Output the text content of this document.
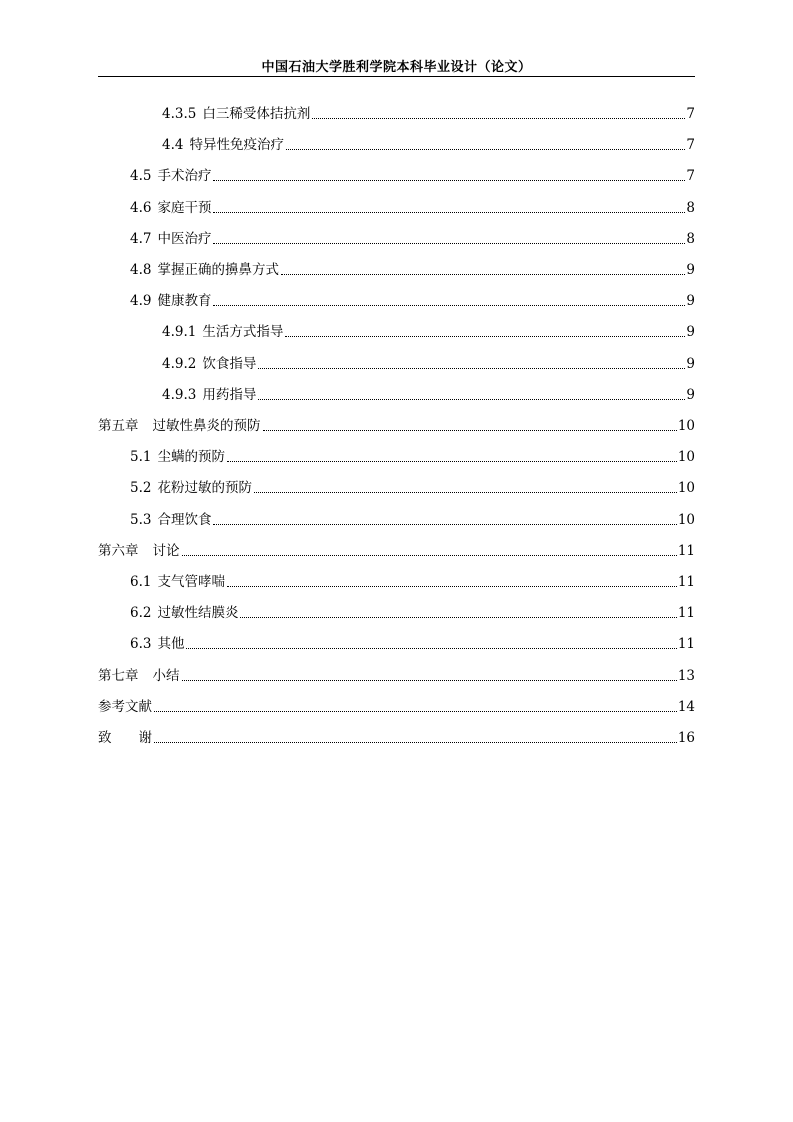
中国石油大学胜利学院本科毕业设计（论文）
4.3.5 白三稀受体拮抗剂	7
4.4 特异性免疫治疗	7
4.5 手术治疗	7
4.6 家庭干预	8
4.7 中医治疗	8
4.8 掌握正确的擤鼻方式	9
4.9 健康教育	9
4.9.1 生活方式指导	9
4.9.2 饮食指导	9
4.9.3 用药指导	9
第五章 过敏性鼻炎的预防	10
5.1 尘螨的预防	10
5.2 花粉过敏的预防	10
5.3 合理饮食	10
第六章 讨论	11
6.1 支气管哮喘	11
6.2 过敏性结膜炎	11
6.3 其他	11
第七章 小结	13
参考文献	14
致　　谢	16
